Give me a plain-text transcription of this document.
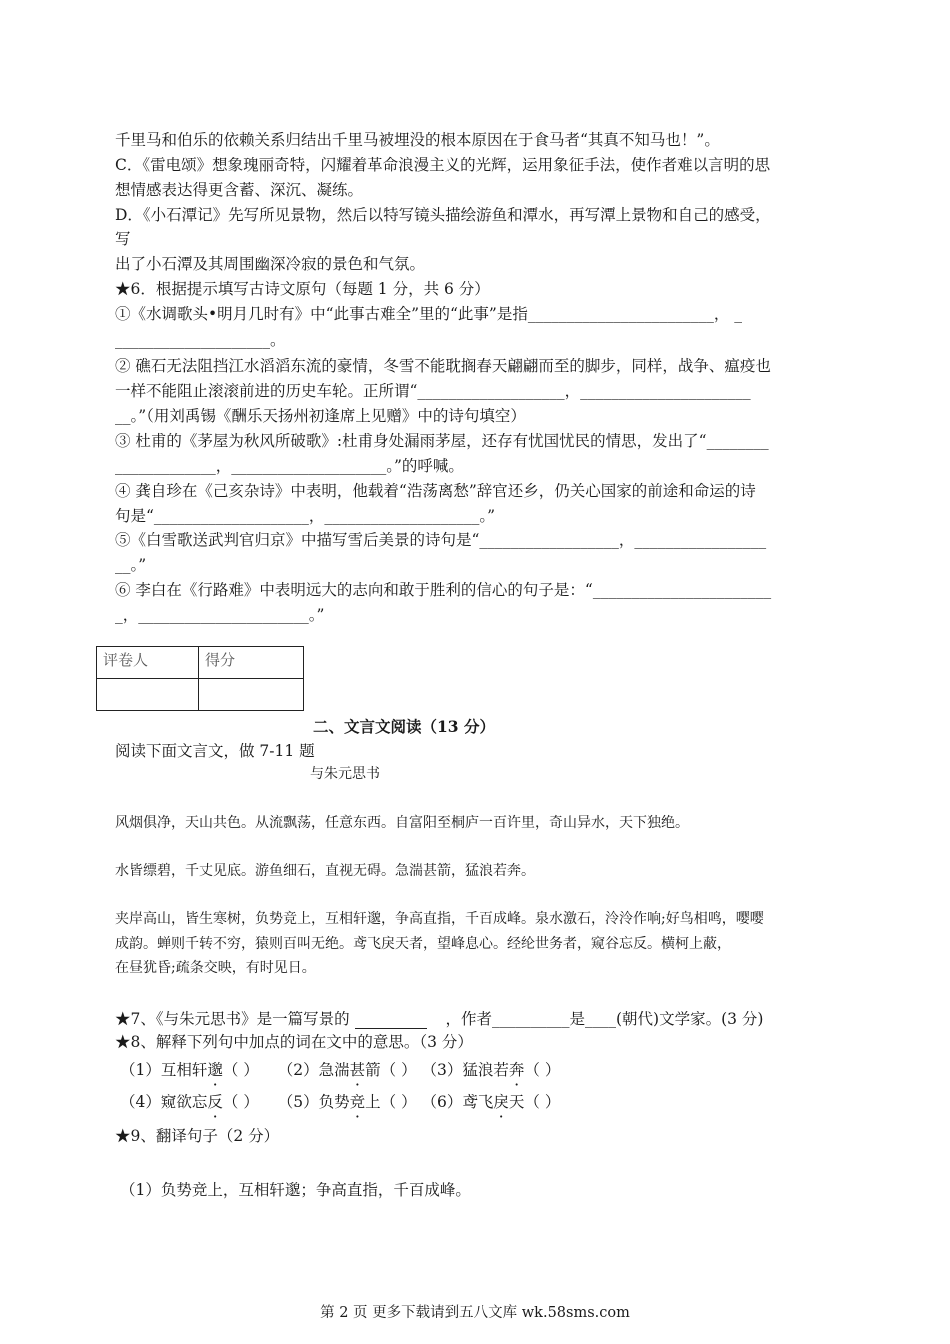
千里马和伯乐的依赖关系归结出千里马被埋没的根本原因在于食马者“其真不知马也！”。
C．《雷电颂》想象瑰丽奇特，闪耀着革命浪漫主义的光辉，运用象征手法，使作者难以言明的思
想情感表达得更含蓄、深沉、凝练。
D．《小石潭记》先写所见景物，然后以特写镜头描绘游鱼和潭水，再写潭上景物和自己的感受，
写
出了小石潭及其周围幽深冷寂的景色和气氛。
★6．根据提示填写古诗文原句（每题 1 分，共 6 分）
①《水调歌头•明月几时有》中“此事古难全”里的“此事”是指________________________， _
____________________。
② 礁石无法阻挡江水滔滔东流的豪情，冬雪不能耽搁春天翩翩而至的脚步，同样，战争、瘟疫也
一样不能阻止滚滚前进的历史车轮。正所谓“___________________，______________________
__。”（用刘禹锡《酬乐天扬州初逢席上见赠》中的诗句填空）
③ 杜甫的《茅屋为秋风所破歌》:杜甫身处漏雨茅屋，还存有忧国忧民的情思，发出了“________
_____________，____________________。”的呼喊。
④ 龚自珍在《己亥杂诗》中表明，他载着“浩荡离愁”辞官还乡，仍关心国家的前途和命运的诗
句是“____________________，____________________。”
⑤《白雪歌送武判官归京》中描写雪后美景的诗句是“__________________，_________________
__。”
⑥ 李白在《行路难》中表明远大的志向和敢于胜利的信心的句子是：“_______________________
_，______________________。”
评卷人	得分

二、文言文阅读（13 分）
阅读下面文言文，做 7-11 题
与朱元思书
风烟俱净，天山共色。从流飘荡，任意东西。自富阳至桐庐一百许里，奇山异水，天下独绝。
水皆缥碧，千丈见底。游鱼细石，直视无碍。急湍甚箭，猛浪若奔。
夹岸高山，皆生寒树，负势竞上，互相轩邈，争高直指，千百成峰。泉水激石，泠泠作响;好鸟相鸣，嘤嘤
成韵。蝉则千转不穷，猿则百叫无绝。鸢飞戾天者，望峰息心。经纶世务者，窥谷忘反。横柯上蔽，
在昼犹昏;疏条交映，有时见日。
★7、《与朱元思书》是一篇写景的	，作者__________是____(朝代)文学家。(3 分)
★8、解释下列句中加点的词在文中的意思。（3 分）
（1）互相轩邈（ ） （2）急湍甚箭（ ） （3）猛浪若奔（ ）
（4）窥欲忘反（ ） （5）负势竞上（ ） （6）鸢飞戾天（ ）
★9、翻译句子（2 分）
（1）负势竞上，互相轩邈；争高直指，千百成峰。
第 2 页 更多下载请到五八文库 wk.58sms.com
